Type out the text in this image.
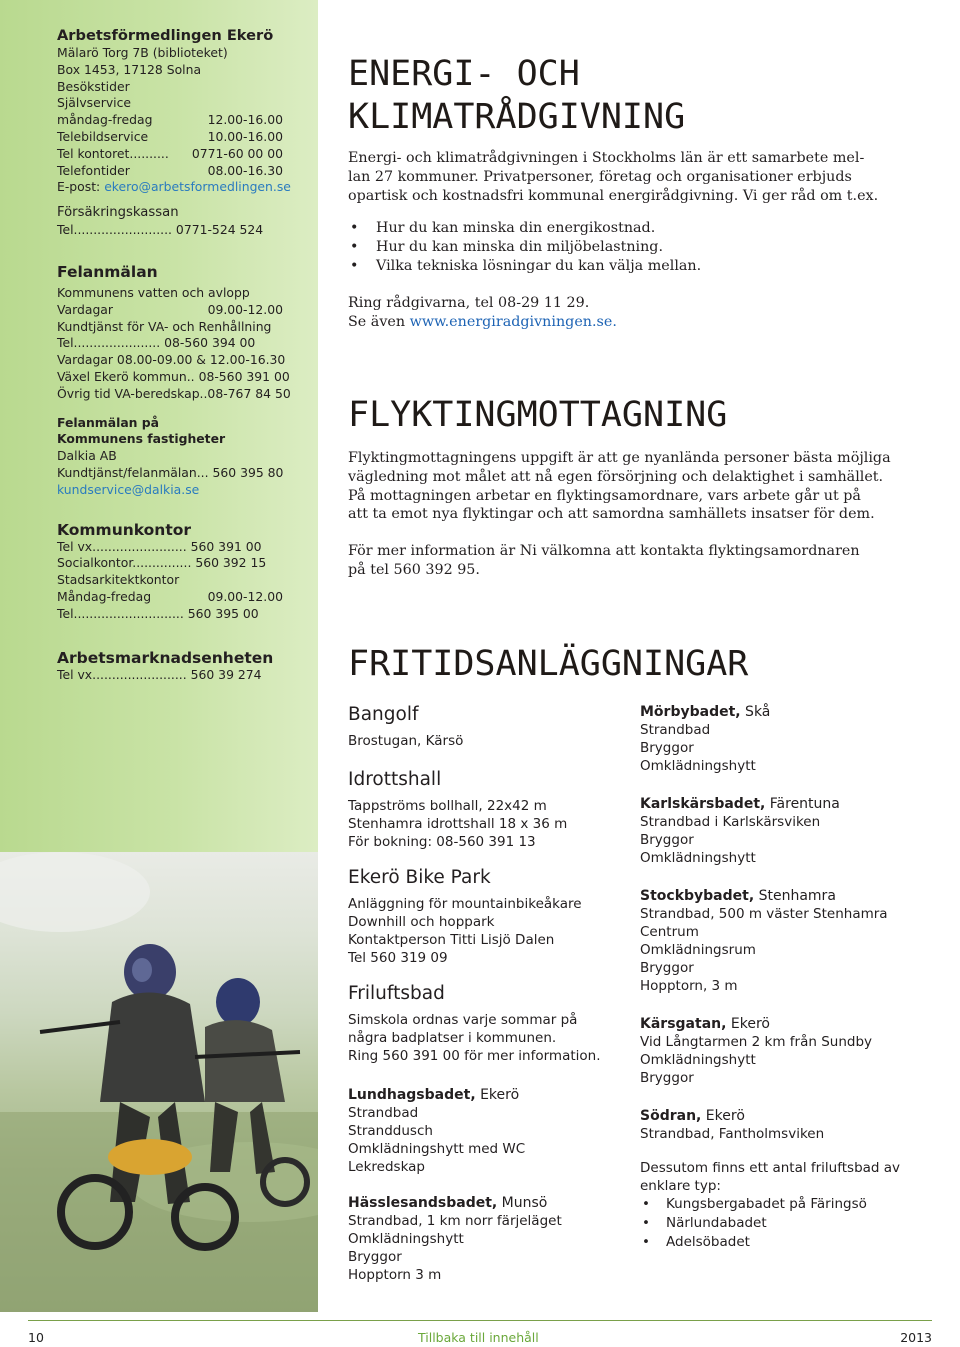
Arbetsförmedlingen Ekerö
Mälarö Torg 7B (biblioteket)
Box 1453, 17128 Solna
Besökstider
Självservice
måndag-fredag	12.00-16.00
Telebildservice	10.00-16.00
Tel kontoret.......... 0771-60 00 00
Telefontider	08.00-16.30
E-post: ekero@arbetsformedlingen.se
Försäkringskassan
Tel......................... 0771-524 524
Felanmälan
Kommunens vatten och avlopp
Vardagar	09.00-12.00
Kundtjänst för VA- och Renhållning
Tel...................... 08-560 394 00
Vardagar 08.00-09.00 & 12.00-16.30
Växel Ekerö kommun.. 08-560 391 00
Övrig tid VA-beredskap..08-767 84 50
Felanmälan på
Kommunens fastigheter
Dalkia AB
Kundtjänst/felanmälan... 560 395 80
kundservice@dalkia.se
Kommunkontor
Tel vx........................ 560 391 00
Socialkontor............... 560 392 15
Stadsarkitektkontor
Måndag-fredag	09.00-12.00
Tel............................ 560 395 00
Arbetsmarknadsenheten
Tel vx........................ 560 39 274
ENERGI- OCH
KLIMATRÅDGIVNING
Energi- och klimatrådgivningen i Stockholms län är ett samarbete mel-
lan 27 kommuner. Privatpersoner, företag och organisationer erbjuds
opartisk och kostnadsfri kommunal energirådgivning. Vi ger råd om t.ex.
• Hur du kan minska din energikostnad.
• Hur du kan minska din miljöbelastning.
• Vilka tekniska lösningar du kan välja mellan.
Ring rådgivarna, tel 08-29 11 29.
Se även www.energiradgivningen.se.
FLYKTINGMOTTAGNING
Flyktingmottagningens uppgift är att ge nyanlända personer bästa möjliga
vägledning mot målet att nå egen försörjning och delaktighet i samhället.
På mottagningen arbetar en flyktingsamordnare, vars arbete går ut på
att ta emot nya flyktingar och att samordna samhällets insatser för dem.
För mer information är Ni välkomna att kontakta flyktingsamordnaren
på tel 560 392 95.
FRITIDSANLÄGGNINGAR
Bangolf
Brostugan, Kärsö
Idrottshall
Tappströms bollhall, 22x42 m
Stenhamra idrottshall 18 x 36 m
För bokning: 08-560 391 13
Ekerö Bike Park
Anläggning för mountainbikeåkare
Downhill och hoppark
Kontaktperson Titti Lisjö Dalen
Tel 560 319 09
Friluftsbad
Simskola ordnas varje sommar på
några badplatser i kommunen.
Ring 560 391 00 för mer information.
Lundhagsbadet, Ekerö
Strandbad
Stranddusch
Omklädningshytt med WC
Lekredskap
Hässlesandsbadet, Munsö
Strandbad, 1 km norr färjeläget
Omklädningshytt
Bryggor
Hopptorn 3 m
Mörbybadet, Skå
Strandbad
Bryggor
Omklädningshytt
Karlskärsbadet, Färentuna
Strandbad i Karlskärsviken
Bryggor
Omklädningshytt
Stockbybadet, Stenhamra
Strandbad, 500 m väster Stenhamra
Centrum
Omklädningsrum
Bryggor
Hopptorn, 3 m
Kärsgatan, Ekerö
Vid Långtarmen 2 km från Sundby
Omklädningshytt
Bryggor
Södran, Ekerö
Strandbad, Fantholmsviken
Dessutom finns ett antal friluftsbad av
enklare typ:
• Kungsbergabadet på Färingsö
• Närlundabadet
• Adelsöbadet
10	Tillbaka till innehåll	2013
